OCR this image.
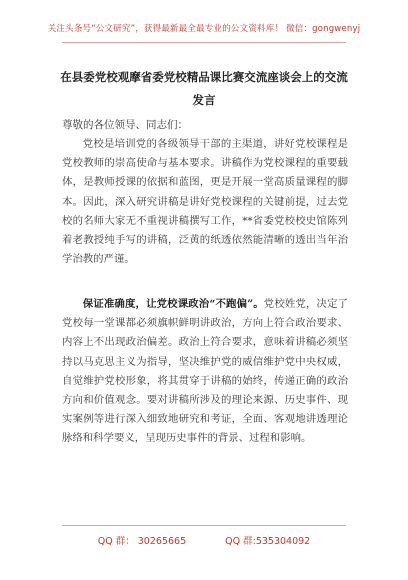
关注头条号“公文研究”，获得最新最全最专业的公文资料库！ 微信：gongwenyj
在县委党校观摩省委党校精品课比赛交流座谈会上的交流
发言
尊敬的各位领导、同志们：
党校是培训党的各级领导干部的主渠道，讲好党校课程是党校教师的崇高使命与基本要求。讲稿作为党校课程的重要载体，是教师授课的依据和蓝图，更是开展一堂高质量课程的脚本。因此，深入研究讲稿是讲好党校课程的关键前提，过去党校的名师大家无不重视讲稿撰写工作，**省委党校校史馆陈列着老教授纯手写的讲稿，泛黄的纸透依然能清晰的透出当年治学治教的严谨。
保证准确度，让党校课政治“不跑偏”。党校姓党，决定了党校每一堂课都必须旗帜鲜明讲政治，方向上符合政治要求、内容上不出现政治偏差。政治上符合要求，意味着讲稿必须坚持以马克思主义为指导，坚决维护党的威信维护党中央权威，自觉维护党校形象，将其贯穿于讲稿的始终，传递正确的政治方向和价值观念。要对讲稿所涉及的理论来源、历史事件、现实案例等进行深入细致地研究和考证，全面、客观地讲透理论脉络和科学要义，呈现历史事件的背景、过程和影响。
QQ 群： 30265665	QQ 群:535304092
